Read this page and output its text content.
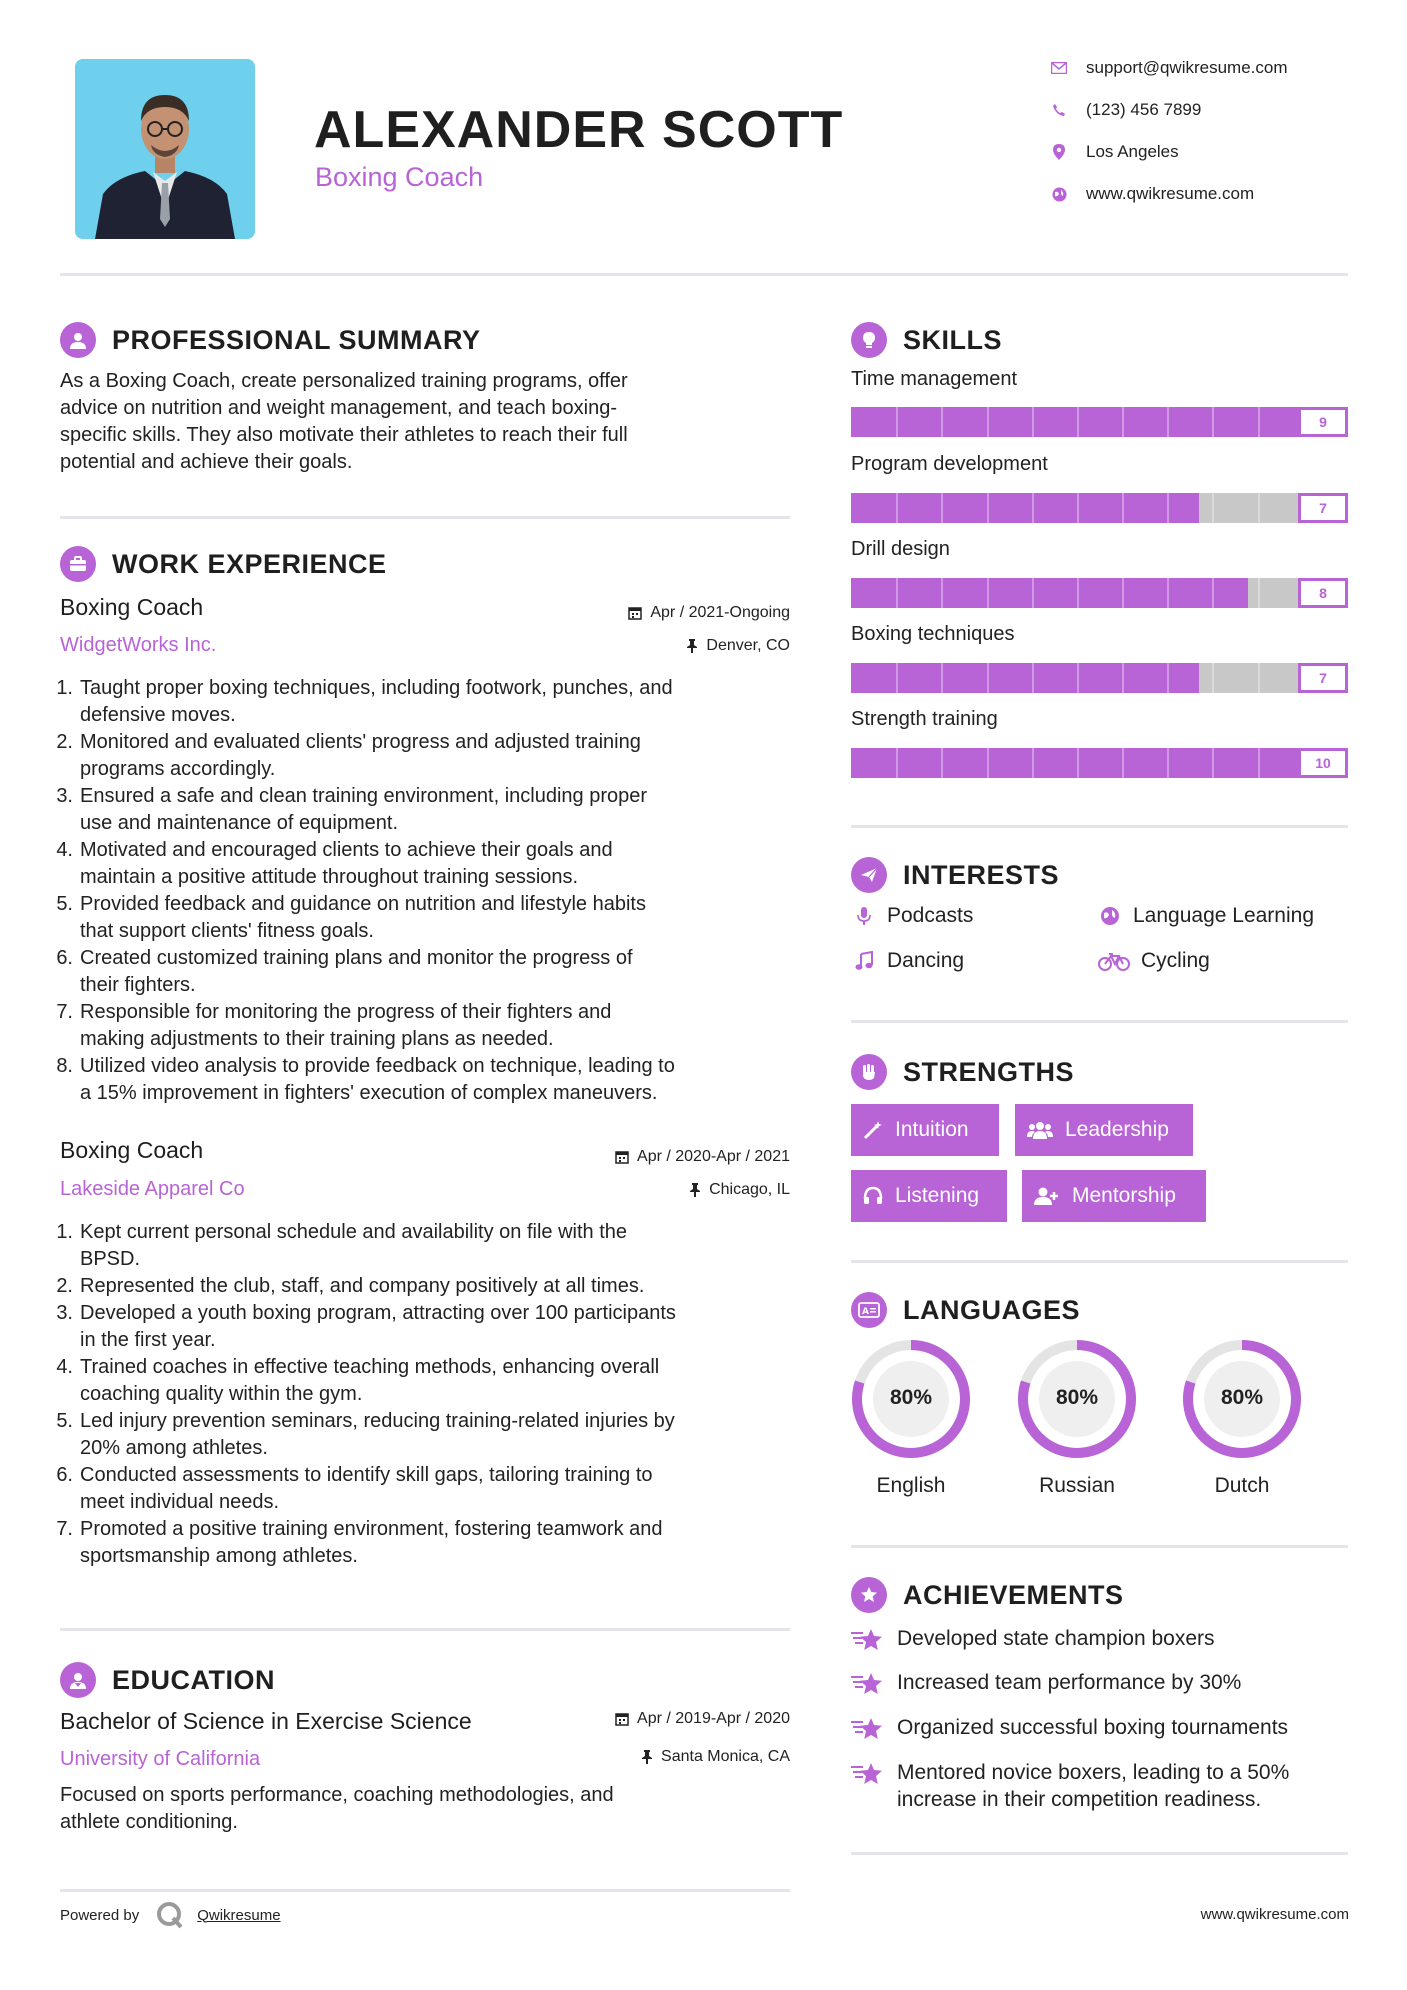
ALEXANDER SCOTT
Boxing Coach
support@qwikresume.com
(123) 456 7899
Los Angeles
www.qwikresume.com
PROFESSIONAL SUMMARY
As a Boxing Coach, create personalized training programs, offer
advice on nutrition and weight management, and teach boxing-
specific skills. They also motivate their athletes to reach their full
potential and achieve their goals.
WORK EXPERIENCE
Boxing Coach	Apr / 2021-Ongoing
WidgetWorks Inc.	Denver, CO
1. Taught proper boxing techniques, including footwork, punches, and
defensive moves.
2. Monitored and evaluated clients' progress and adjusted training
programs accordingly.
3. Ensured a safe and clean training environment, including proper
use and maintenance of equipment.
4. Motivated and encouraged clients to achieve their goals and
maintain a positive attitude throughout training sessions.
5. Provided feedback and guidance on nutrition and lifestyle habits
that support clients' fitness goals.
6. Created customized training plans and monitor the progress of
their fighters.
7. Responsible for monitoring the progress of their fighters and
making adjustments to their training plans as needed.
8. Utilized video analysis to provide feedback on technique, leading to
a 15% improvement in fighters' execution of complex maneuvers.
Boxing Coach	Apr / 2020-Apr / 2021
Lakeside Apparel Co	Chicago, IL
1. Kept current personal schedule and availability on file with the
BPSD.
2. Represented the club, staff, and company positively at all times.
3. Developed a youth boxing program, attracting over 100 participants
in the first year.
4. Trained coaches in effective teaching methods, enhancing overall
coaching quality within the gym.
5. Led injury prevention seminars, reducing training-related injuries by
20% among athletes.
6. Conducted assessments to identify skill gaps, tailoring training to
meet individual needs.
7. Promoted a positive training environment, fostering teamwork and
sportsmanship among athletes.
EDUCATION
Bachelor of Science in Exercise Science	Apr / 2019-Apr / 2020
University of California	Santa Monica, CA
Focused on sports performance, coaching methodologies, and
athlete conditioning.
SKILLS
Time management
9
Program development
7
Drill design
8
Boxing techniques
7
Strength training
10
INTERESTS
Podcasts	Language Learning
Dancing	Cycling
STRENGTHS
Intuition	Leadership
Listening	Mentorship
A LANGUAGES
80%
English
80%
Russian
80%
Dutch
ACHIEVEMENTS
Developed state champion boxers
Increased team performance by 30%
Organized successful boxing tournaments
Mentored novice boxers, leading to a 50%
increase in their competition readiness.
Powered by	Qwikresume	www.qwikresume.com
